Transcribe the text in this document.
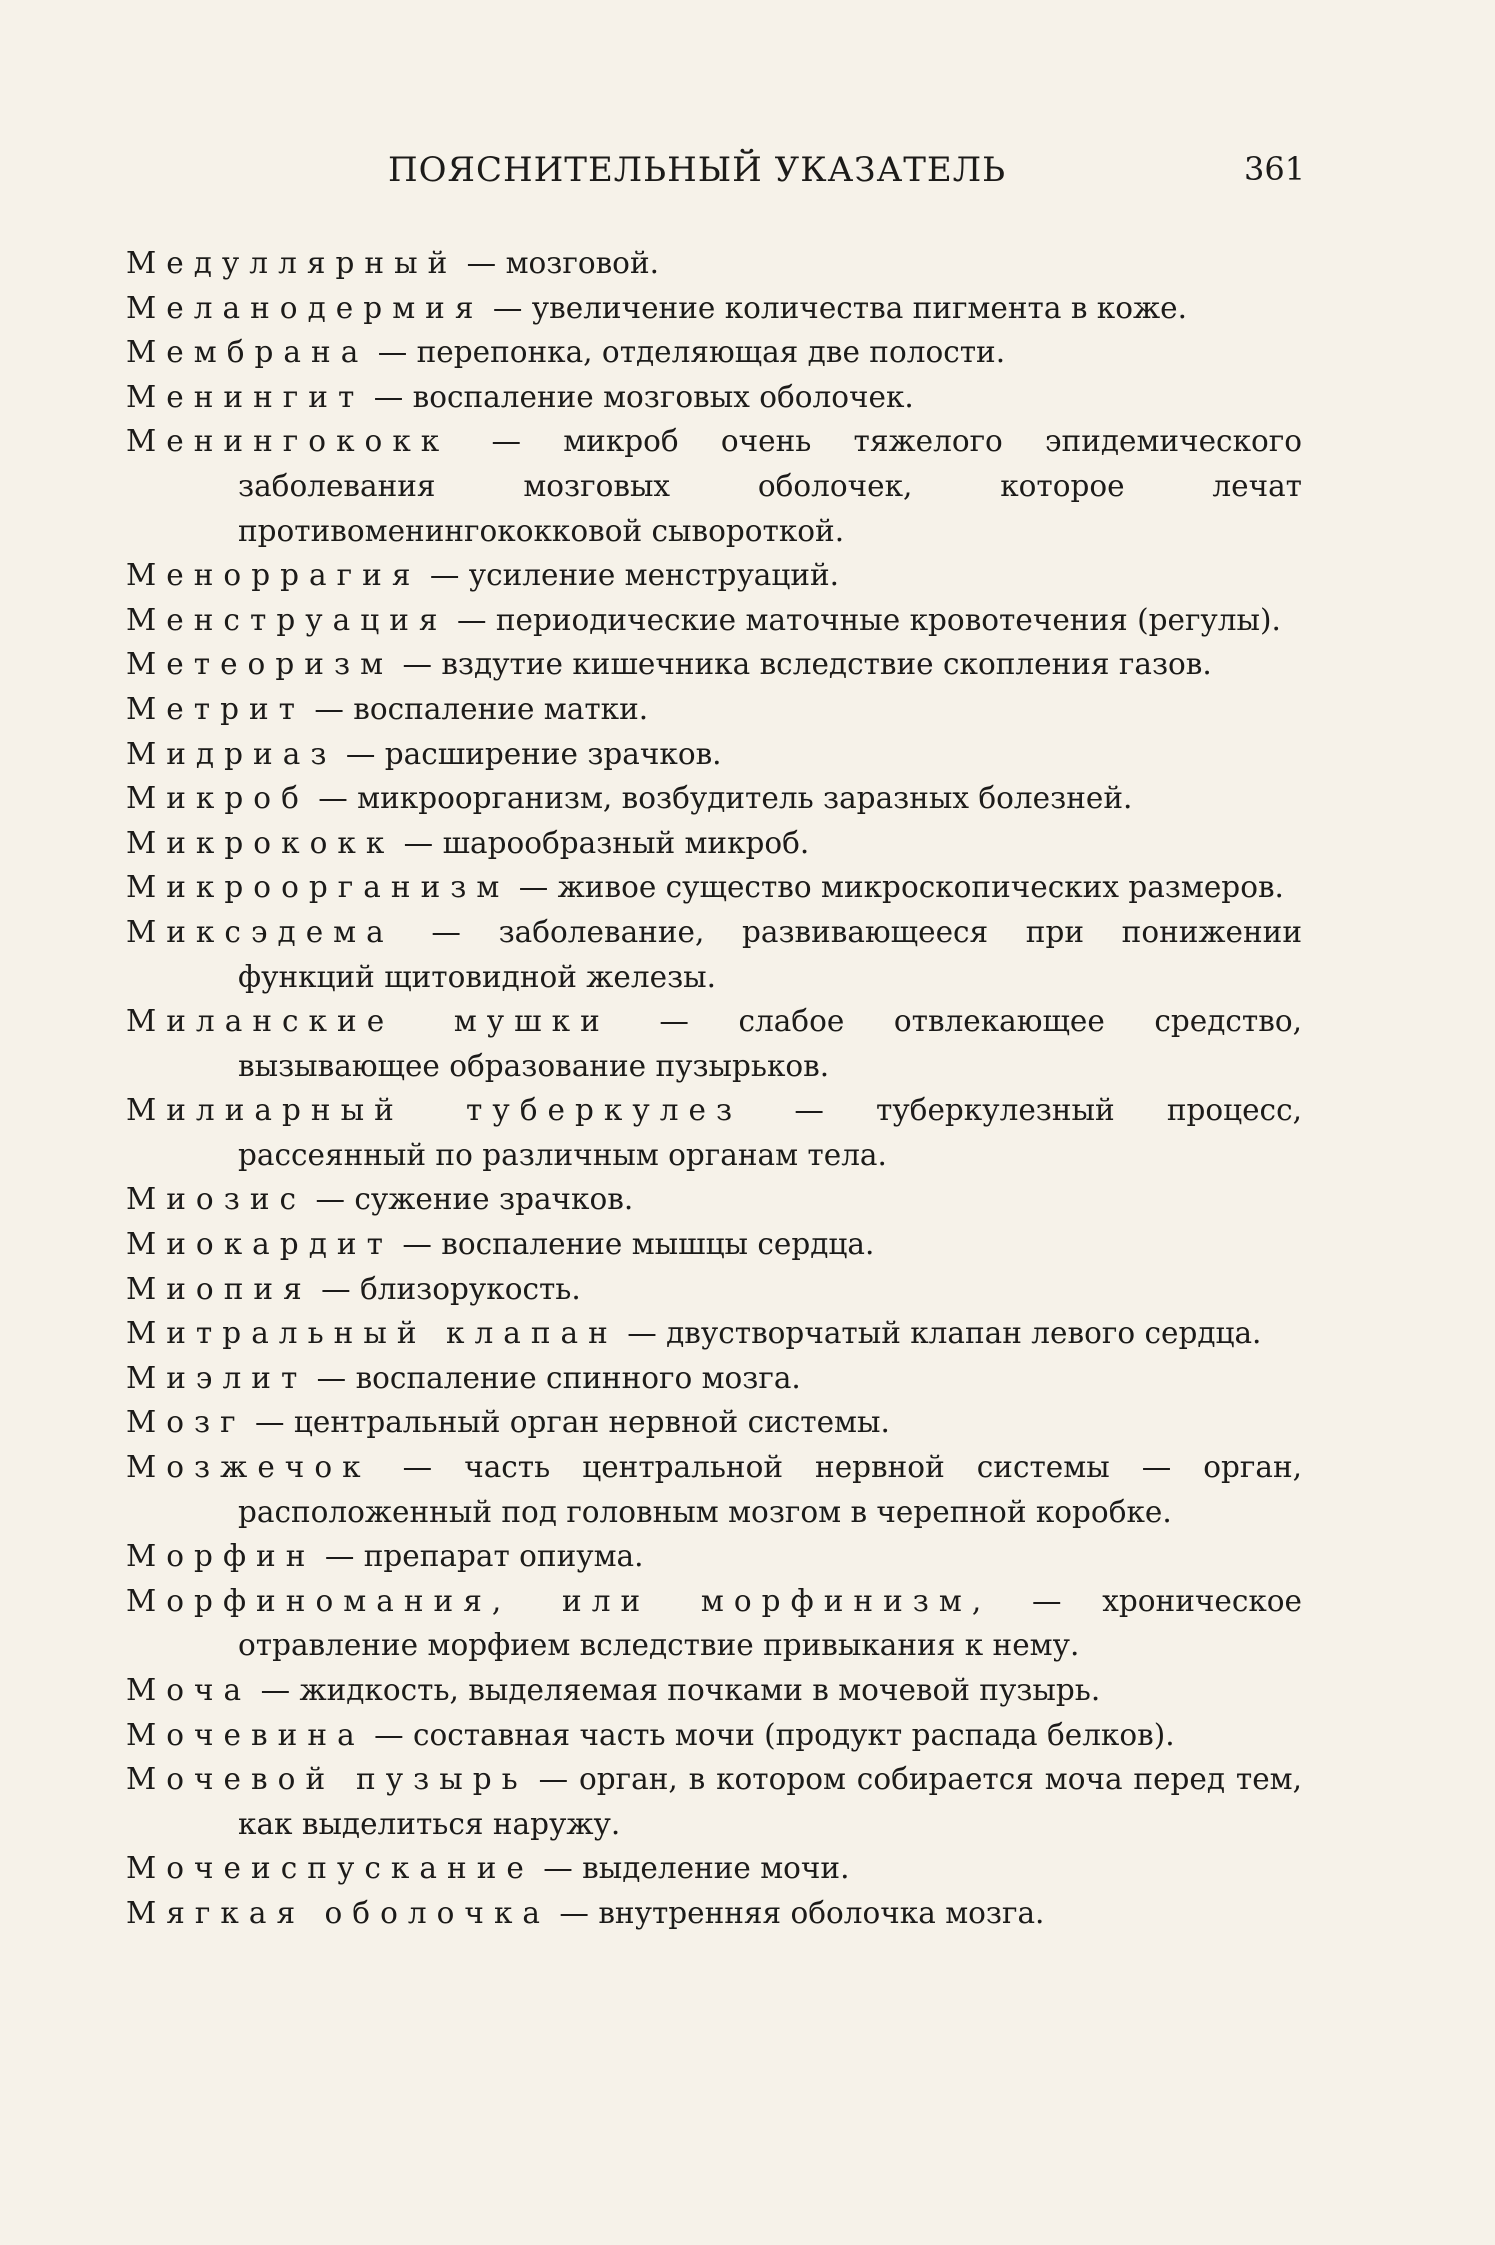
ПОЯСНИТЕЛЬНЫЙ УКАЗАТЕЛЬ	361
Медуллярный — мозговой.
Меланодермия — увеличение количества пигмента в коже.
Мембрана — перепонка, отделяющая две полости.
Менингит — воспаление мозговых оболочек.
Менингококк — микроб очень тяжелого эпидемического заболевания мозговых оболочек, которое лечат противоменингококковой сывороткой.
Меноррагия — усиление менструаций.
Менструация — периодические маточные кровотечения (регулы).
Метеоризм — вздутие кишечника вследствие скопления газов.
Метрит — воспаление матки.
Мидриаз — расширение зрачков.
Микроб — микроорганизм, возбудитель заразных болезней.
Микрококк — шарообразный микроб.
Микроорганизм — живое существо микроскопических размеров.
Миксэдема — заболевание, развивающееся при понижении функций щитовидной железы.
Миланские мушки — слабое отвлекающее средство, вызывающее образование пузырьков.
Милиарный туберкулез — туберкулезный процесс, рассеянный по различным органам тела.
Миозис — сужение зрачков.
Миокардит — воспаление мышцы сердца.
Миопия — близорукость.
Митральный клапан — двустворчатый клапан левого сердца.
Миэлит — воспаление спинного мозга.
Мозг — центральный орган нервной системы.
Мозжечок — часть центральной нервной системы — орган, расположенный под головным мозгом в черепной коробке.
Морфин — препарат опиума.
Морфиномания, или морфинизм, — хроническое отравление морфием вследствие привыкания к нему.
Моча — жидкость, выделяемая почками в мочевой пузырь.
Мочевина — составная часть мочи (продукт распада белков).
Мочевой пузырь — орган, в котором собирается моча перед тем, как выделиться наружу.
Мочеиспускание — выделение мочи.
Мягкая оболочка — внутренняя оболочка мозга.
